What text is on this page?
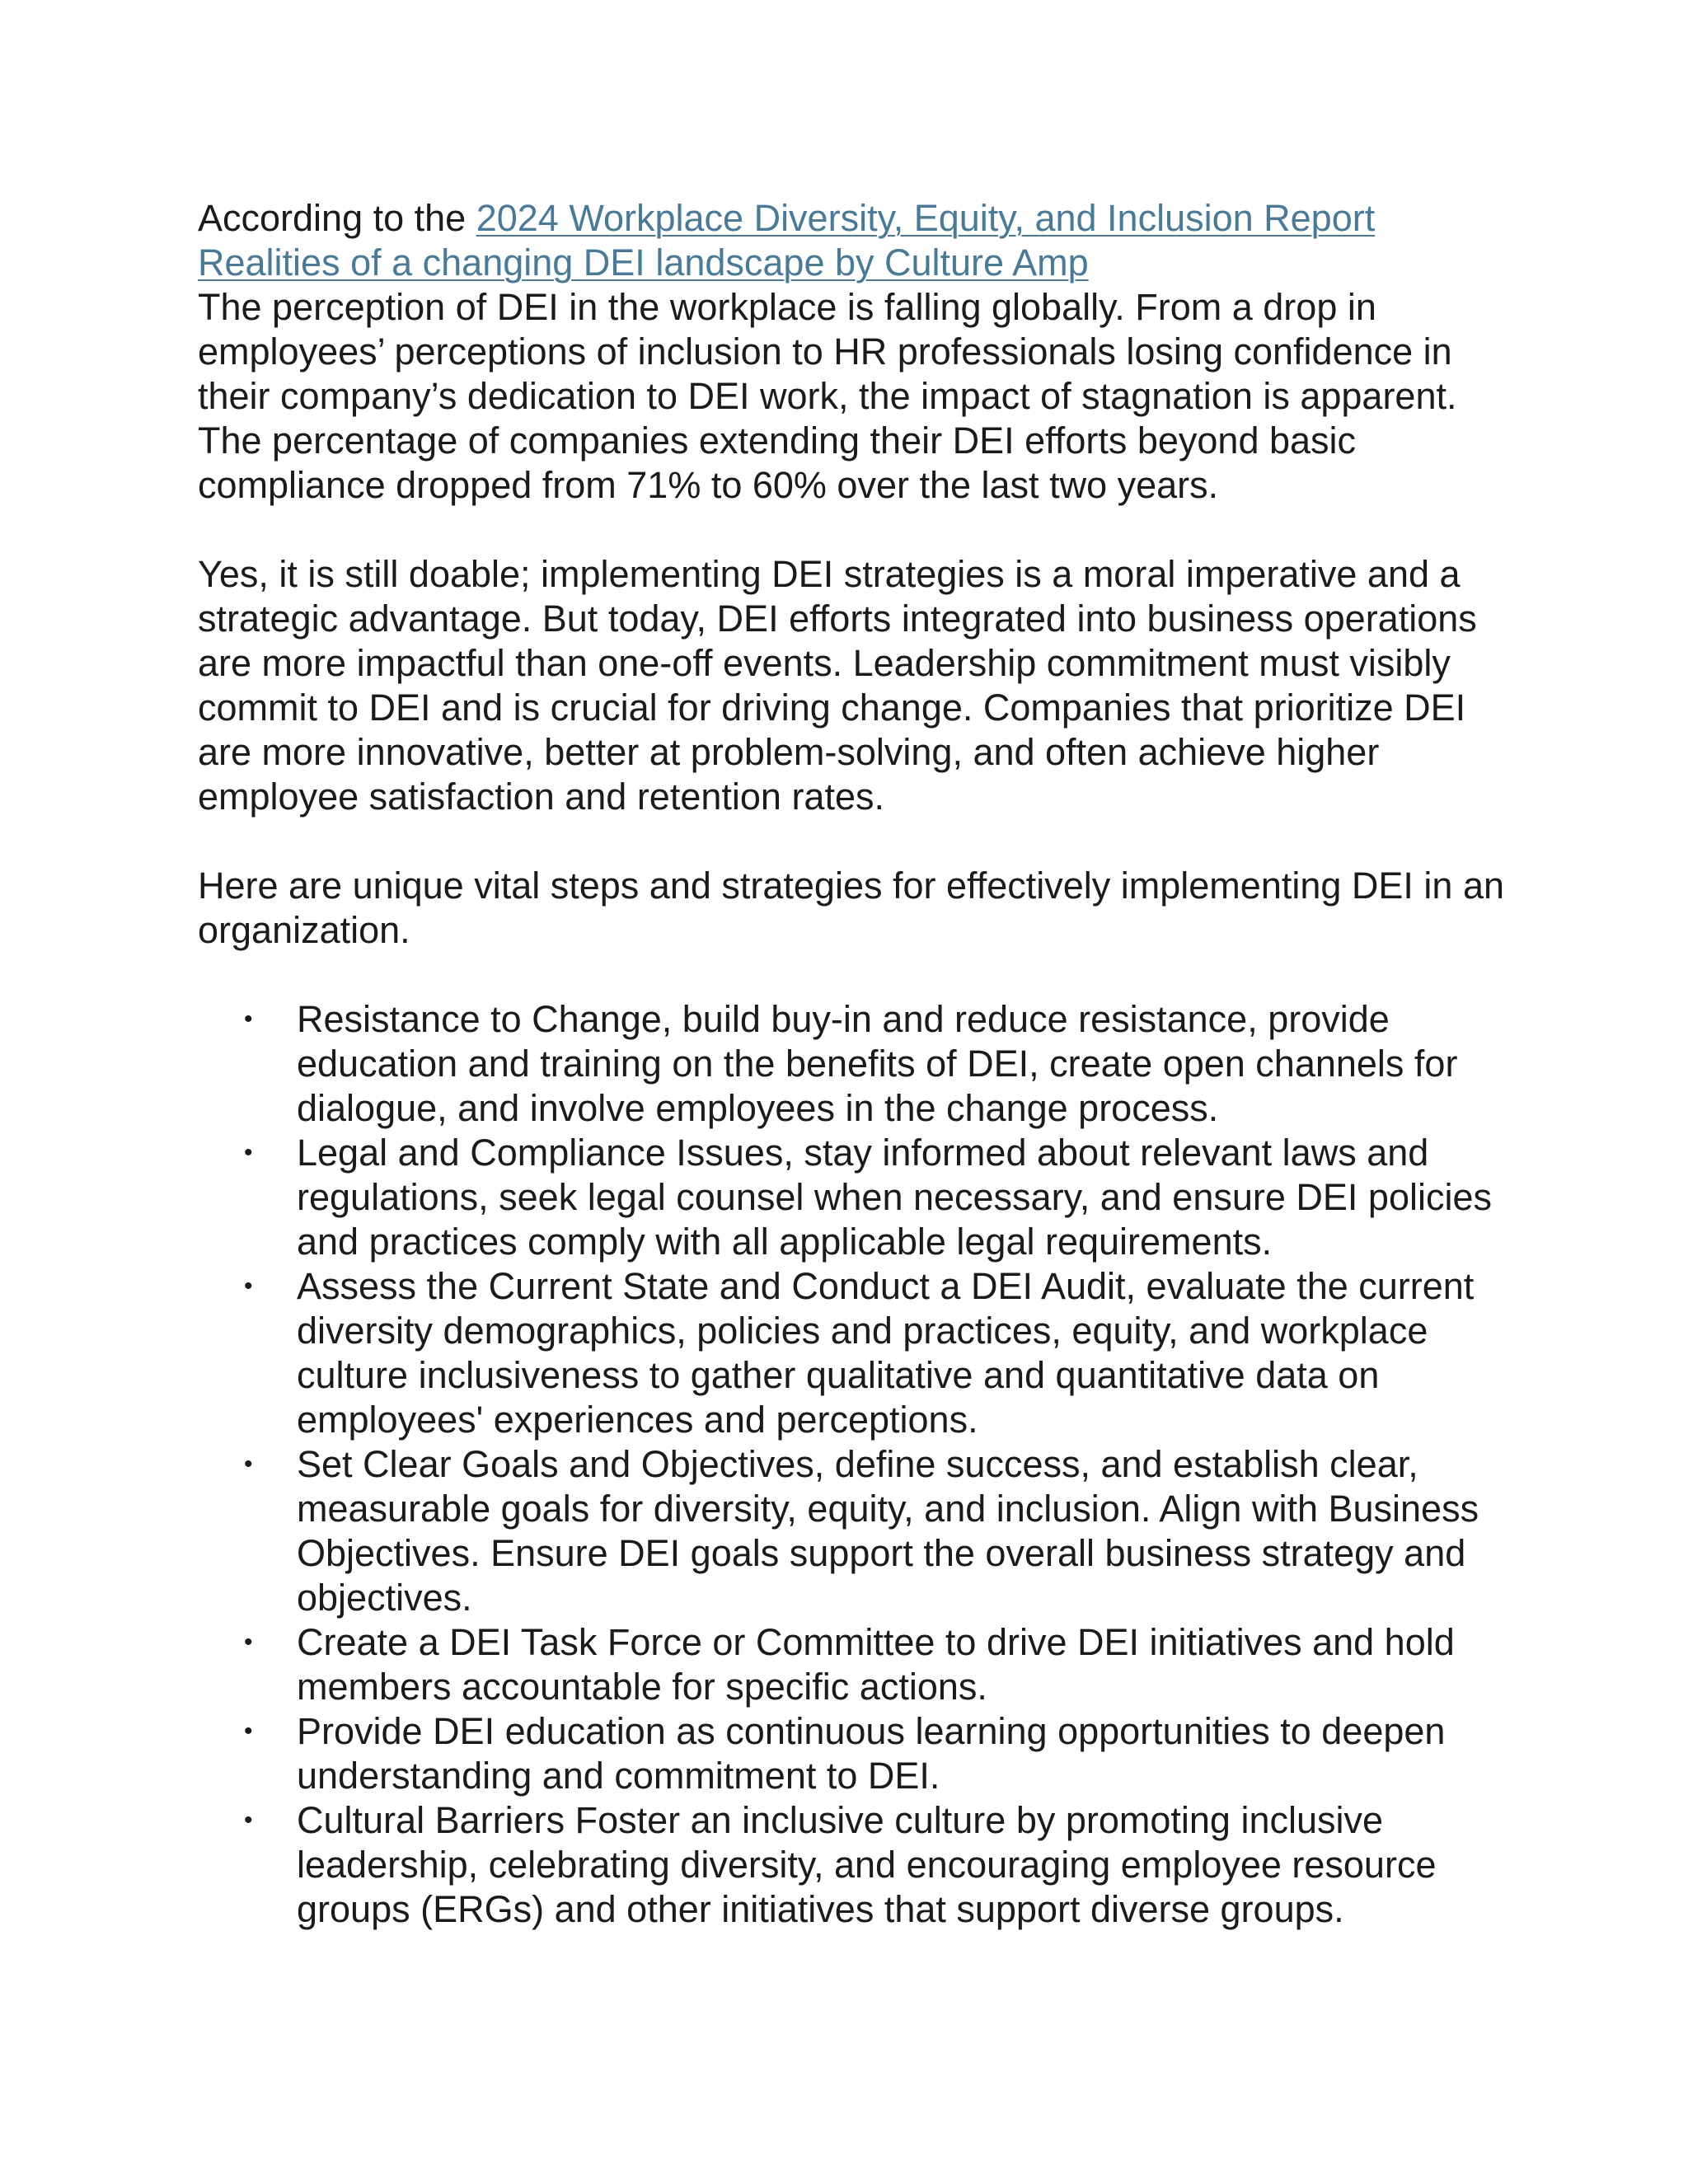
According to the 2024 Workplace Diversity, Equity, and Inclusion Report
Realities of a changing DEI landscape by Culture Amp

The perception of DEI in the workplace is falling globally. From a drop in employees’ perceptions of inclusion to HR professionals losing confidence in their company’s dedication to DEI work, the impact of stagnation is apparent. The percentage of companies extending their DEI efforts beyond basic compliance dropped from 71% to 60% over the last two years.

Yes, it is still doable; implementing DEI strategies is a moral imperative and a strategic advantage. But today, DEI efforts integrated into business operations are more impactful than one-off events. Leadership commitment must visibly commit to DEI and is crucial for driving change. Companies that prioritize DEI are more innovative, better at problem-solving, and often achieve higher employee satisfaction and retention rates.

Here are unique vital steps and strategies for effectively implementing DEI in an organization.

• Resistance to Change, build buy-in and reduce resistance, provide education and training on the benefits of DEI, create open channels for dialogue, and involve employees in the change process.
• Legal and Compliance Issues, stay informed about relevant laws and regulations, seek legal counsel when necessary, and ensure DEI policies and practices comply with all applicable legal requirements.
• Assess the Current State and Conduct a DEI Audit, evaluate the current diversity demographics, policies and practices, equity, and workplace culture inclusiveness to gather qualitative and quantitative data on employees' experiences and perceptions.
• Set Clear Goals and Objectives, define success, and establish clear, measurable goals for diversity, equity, and inclusion. Align with Business Objectives. Ensure DEI goals support the overall business strategy and objectives.
• Create a DEI Task Force or Committee to drive DEI initiatives and hold members accountable for specific actions.
• Provide DEI education as continuous learning opportunities to deepen understanding and commitment to DEI.
• Cultural Barriers Foster an inclusive culture by promoting inclusive leadership, celebrating diversity, and encouraging employee resource groups (ERGs) and other initiatives that support diverse groups.
